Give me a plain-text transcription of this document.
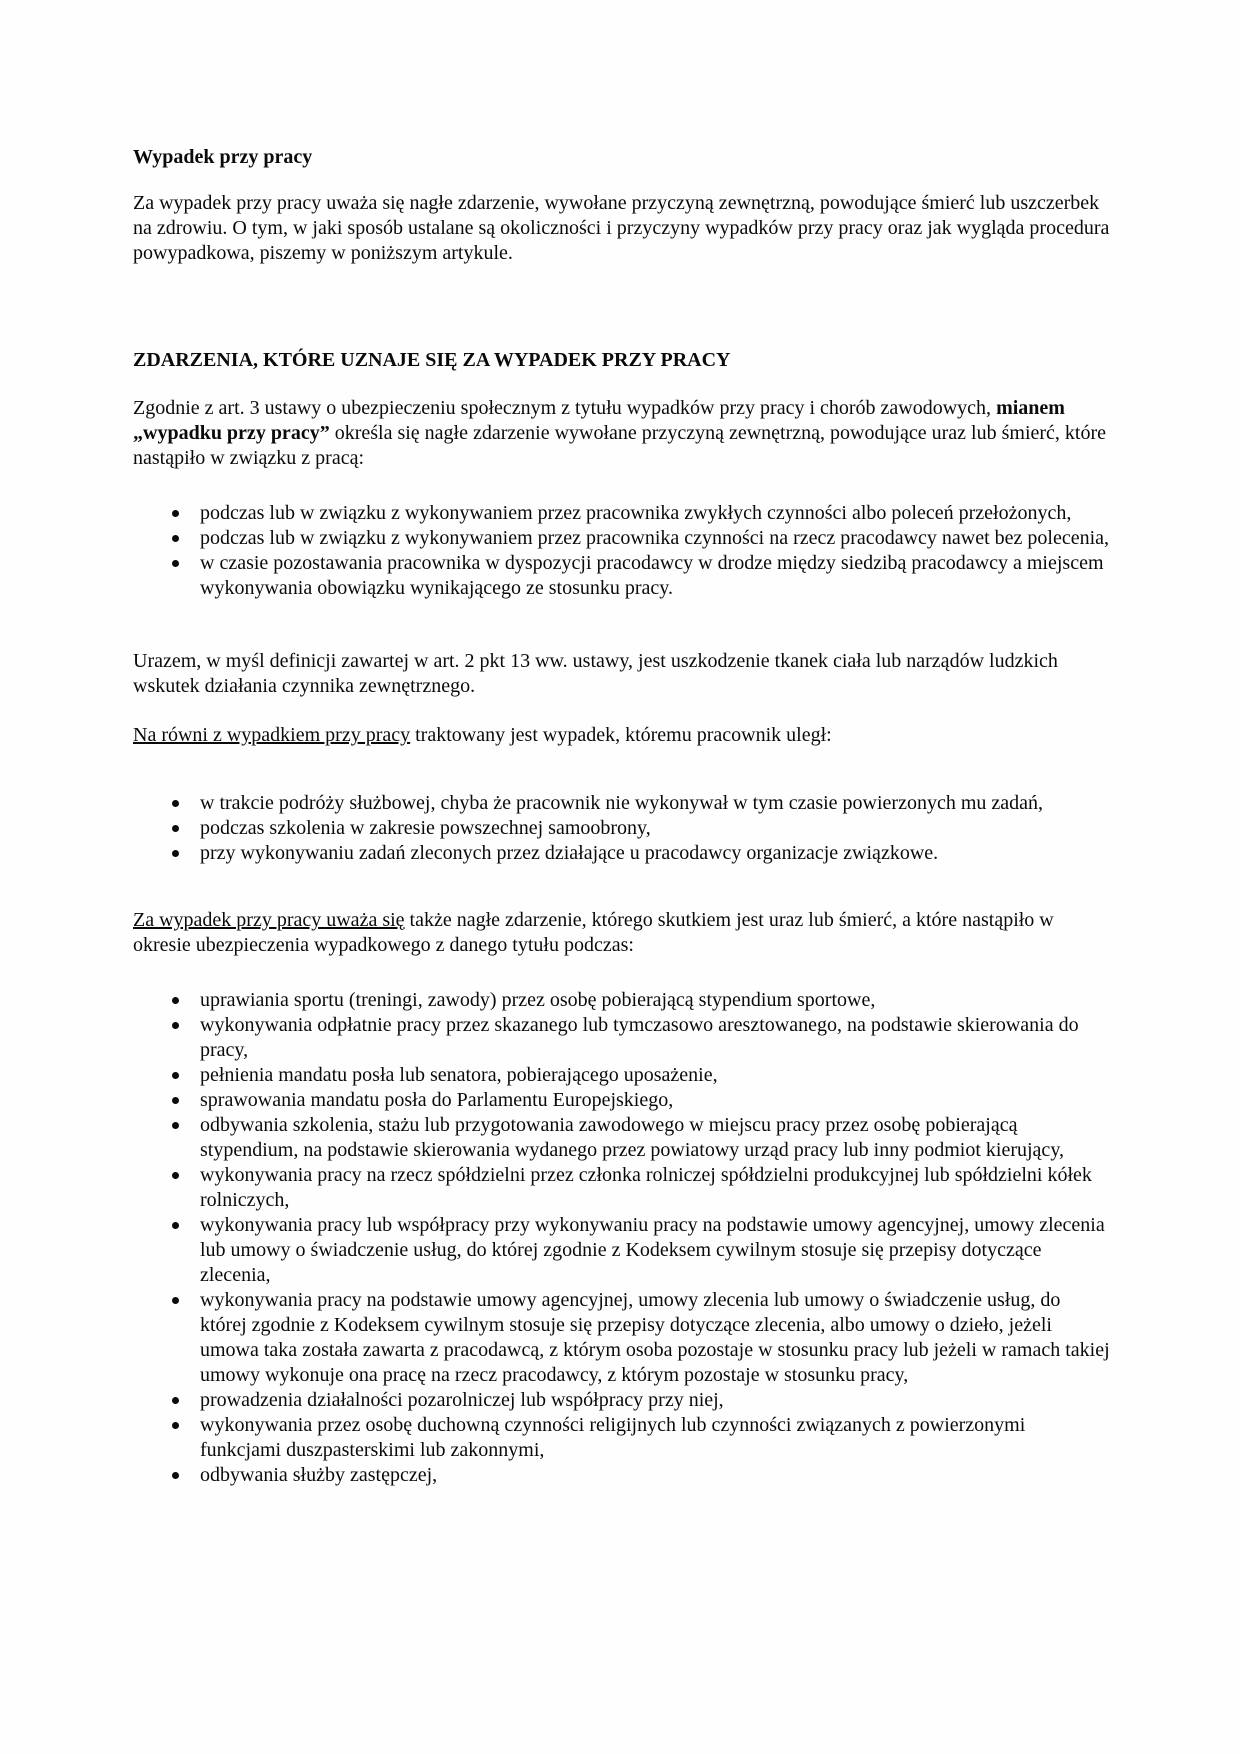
Wypadek przy pracy

Za wypadek przy pracy uważa się nagłe zdarzenie, wywołane przyczyną zewnętrzną, powodujące śmierć lub uszczerbek na zdrowiu. O tym, w jaki sposób ustalane są okoliczności i przyczyny wypadków przy pracy oraz jak wygląda procedura powypadkowa, piszemy w poniższym artykule.

ZDARZENIA, KTÓRE UZNAJE SIĘ ZA WYPADEK PRZY PRACY

Zgodnie z art. 3 ustawy o ubezpieczeniu społecznym z tytułu wypadków przy pracy i chorób zawodowych, mianem „wypadku przy pracy” określa się nagłe zdarzenie wywołane przyczyną zewnętrzną, powodujące uraz lub śmierć, które nastąpiło w związku z pracą:

podczas lub w związku z wykonywaniem przez pracownika zwykłych czynności albo poleceń przełożonych,
podczas lub w związku z wykonywaniem przez pracownika czynności na rzecz pracodawcy nawet bez polecenia,
w czasie pozostawania pracownika w dyspozycji pracodawcy w drodze między siedzibą pracodawcy a miejscem wykonywania obowiązku wynikającego ze stosunku pracy.

Urazem, w myśl definicji zawartej w art. 2 pkt 13 ww. ustawy, jest uszkodzenie tkanek ciała lub narządów ludzkich wskutek działania czynnika zewnętrznego.

Na równi z wypadkiem przy pracy traktowany jest wypadek, któremu pracownik uległ:

w trakcie podróży służbowej, chyba że pracownik nie wykonywał w tym czasie powierzonych mu zadań,
podczas szkolenia w zakresie powszechnej samoobrony,
przy wykonywaniu zadań zleconych przez działające u pracodawcy organizacje związkowe.

Za wypadek przy pracy uważa się także nagłe zdarzenie, którego skutkiem jest uraz lub śmierć, a które nastąpiło w okresie ubezpieczenia wypadkowego z danego tytułu podczas:

uprawiania sportu (treningi, zawody) przez osobę pobierającą stypendium sportowe,
wykonywania odpłatnie pracy przez skazanego lub tymczasowo aresztowanego, na podstawie skierowania do pracy,
pełnienia mandatu posła lub senatora, pobierającego uposażenie,
sprawowania mandatu posła do Parlamentu Europejskiego,
odbywania szkolenia, stażu lub przygotowania zawodowego w miejscu pracy przez osobę pobierającą stypendium, na podstawie skierowania wydanego przez powiatowy urząd pracy lub inny podmiot kierujący,
wykonywania pracy na rzecz spółdzielni przez członka rolniczej spółdzielni produkcyjnej lub spółdzielni kółek rolniczych,
wykonywania pracy lub współpracy przy wykonywaniu pracy na podstawie umowy agencyjnej, umowy zlecenia lub umowy o świadczenie usług, do której zgodnie z Kodeksem cywilnym stosuje się przepisy dotyczące zlecenia,
wykonywania pracy na podstawie umowy agencyjnej, umowy zlecenia lub umowy o świadczenie usług, do której zgodnie z Kodeksem cywilnym stosuje się przepisy dotyczące zlecenia, albo umowy o dzieło, jeżeli umowa taka została zawarta z pracodawcą, z którym osoba pozostaje w stosunku pracy lub jeżeli w ramach takiej umowy wykonuje ona pracę na rzecz pracodawcy, z którym pozostaje w stosunku pracy,
prowadzenia działalności pozarolniczej lub współpracy przy niej,
wykonywania przez osobę duchowną czynności religijnych lub czynności związanych z powierzonymi funkcjami duszpasterskimi lub zakonnymi,
odbywania służby zastępczej,
